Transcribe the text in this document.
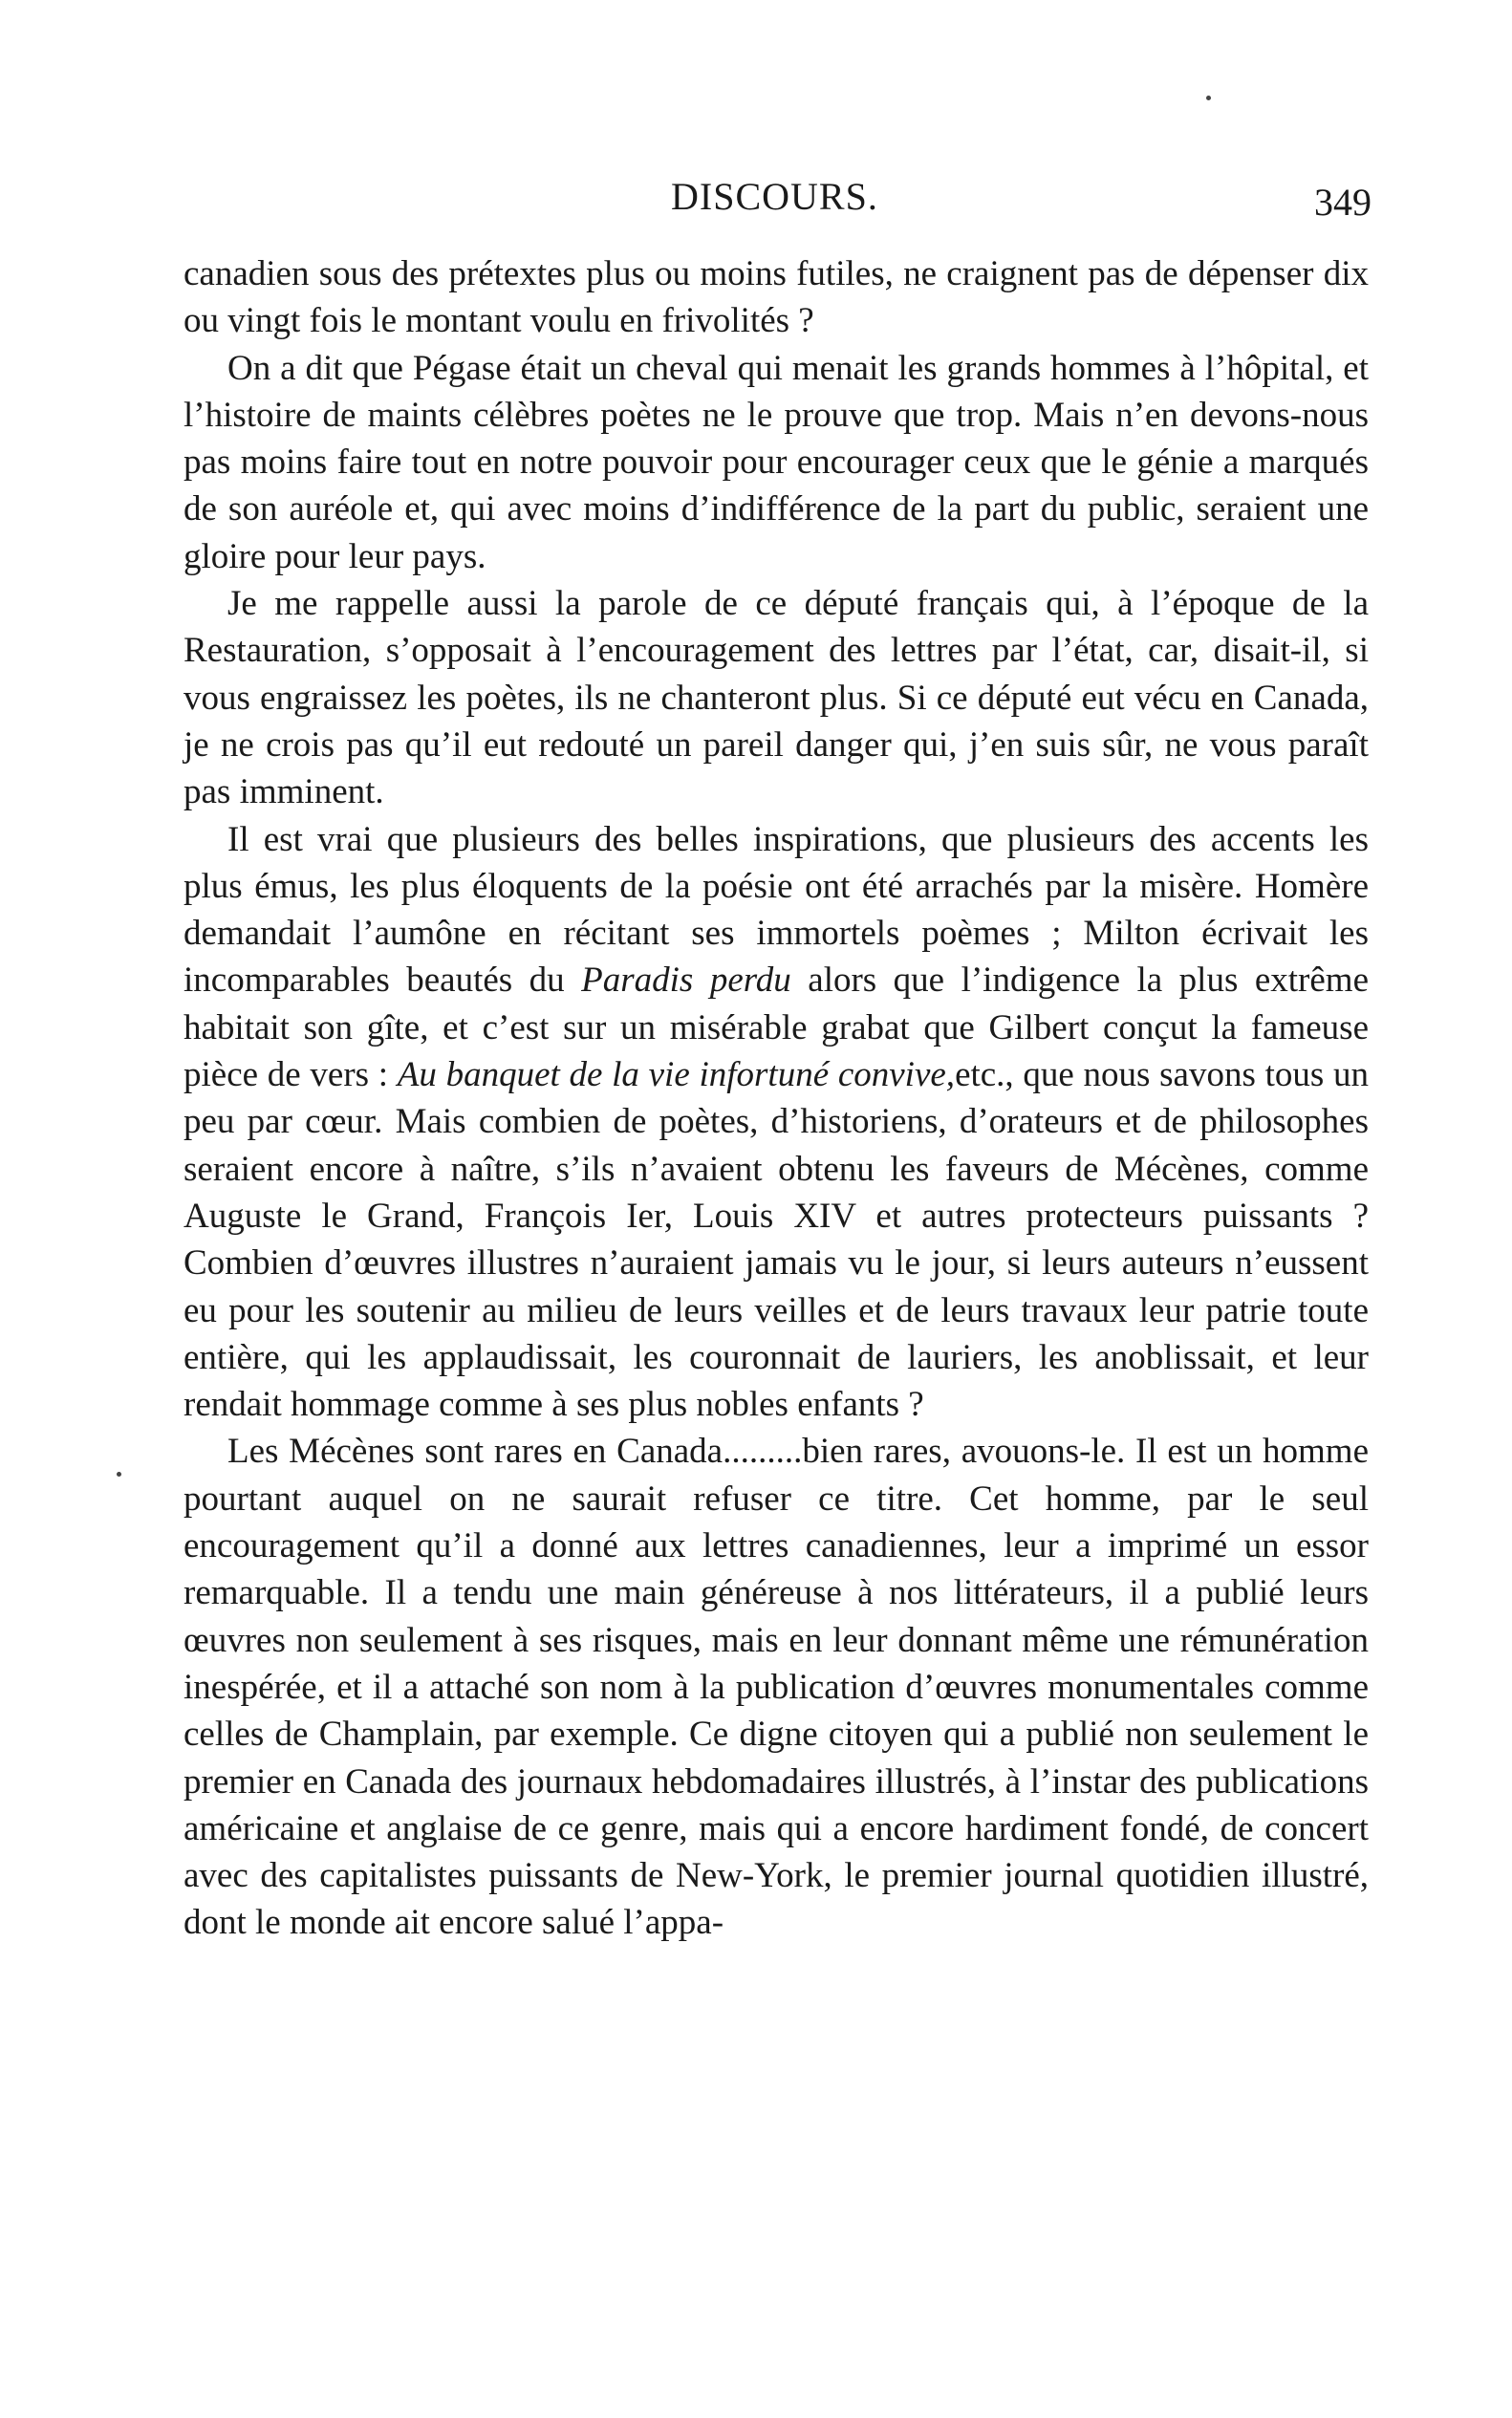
DISCOURS.	349

canadien sous des prétextes plus ou moins futiles, ne craignent pas de dépenser dix ou vingt fois le montant voulu en frivolités ?

On a dit que Pégase était un cheval qui menait les grands hommes à l’hôpital, et l’histoire de maints célèbres poètes ne le prouve que trop. Mais n’en devons-nous pas moins faire tout en notre pouvoir pour encourager ceux que le génie a marqués de son auréole et, qui avec moins d’indifférence de la part du public, seraient une gloire pour leur pays.

Je me rappelle aussi la parole de ce député français qui, à l’époque de la Restauration, s’opposait à l’encouragement des lettres par l’état, car, disait-il, si vous engraissez les poètes, ils ne chanteront plus. Si ce député eut vécu en Canada, je ne crois pas qu’il eut redouté un pareil danger qui, j’en suis sûr, ne vous paraît pas imminent.

Il est vrai que plusieurs des belles inspirations, que plusieurs des accents les plus émus, les plus éloquents de la poésie ont été arrachés par la misère. Homère demandait l’aumône en récitant ses immortels poèmes ; Milton écrivait les incomparables beautés du Paradis perdu alors que l’indigence la plus extrême habitait son gîte, et c’est sur un misérable grabat que Gilbert conçut la fameuse pièce de vers : Au banquet de la vie infortuné convive,etc., que nous savons tous un peu par cœur. Mais combien de poètes, d’historiens, d’orateurs et de philosophes seraient encore à naître, s’ils n’avaient obtenu les faveurs de Mécènes, comme Auguste le Grand, François Ier, Louis XIV et autres protecteurs puissants ? Combien d’œuvres illustres n’auraient jamais vu le jour, si leurs auteurs n’eussent eu pour les soutenir au milieu de leurs veilles et de leurs travaux leur patrie toute entière, qui les applaudissait, les couronnait de lauriers, les anoblissait, et leur rendait hommage comme à ses plus nobles enfants ?

Les Mécènes sont rares en Canada.........bien rares, avouons-le. Il est un homme pourtant auquel on ne saurait refuser ce titre. Cet homme, par le seul encouragement qu’il a donné aux lettres canadiennes, leur a imprimé un essor remarquable. Il a tendu une main généreuse à nos littérateurs, il a publié leurs œuvres non seulement à ses risques, mais en leur donnant même une rémunération inespérée, et il a attaché son nom à la publication d’œuvres monumentales comme celles de Champlain, par exemple. Ce digne citoyen qui a publié non seulement le premier en Canada des journaux hebdomadaires illustrés, à l’instar des publications américaine et anglaise de ce genre, mais qui a encore hardiment fondé, de concert avec des capitalistes puissants de New-York, le premier journal quotidien illustré, dont le monde ait encore salué l’appa-
